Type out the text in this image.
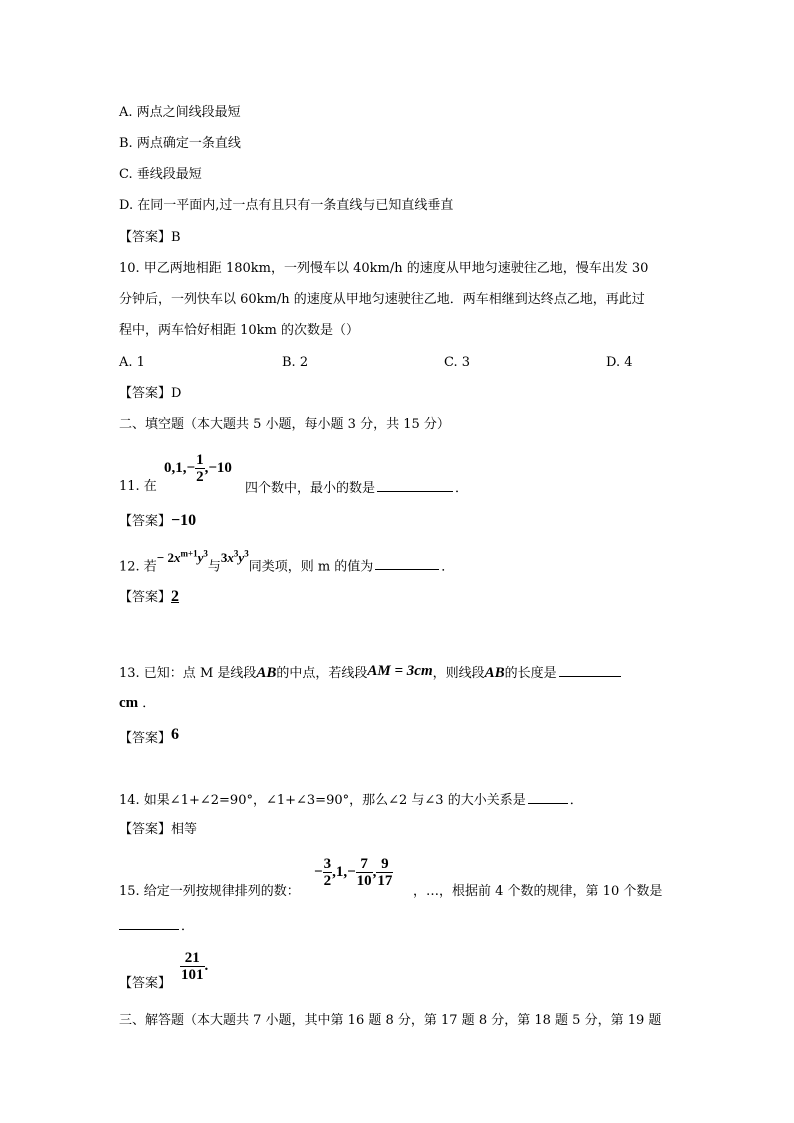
A. 两点之间线段最短
B. 两点确定一条直线
C. 垂线段最短
D. 在同一平面内,过一点有且只有一条直线与已知直线垂直
【答案】B
10. 甲乙两地相距 180km，一列慢车以 40km/h 的速度从甲地匀速驶往乙地，慢车出发 30
分钟后，一列快车以 60km/h 的速度从甲地匀速驶往乙地．两车相继到达终点乙地，再此过
程中，两车恰好相距 10km 的次数是（）
A. 1	B. 2	C. 3	D. 4
【答案】D
二、填空题（本大题共 5 小题，每小题 3 分，共 15 分）
11. 在
$0,1,- \frac{1}{2} ,-10$
四个数中，最小的数是	．
【答案】−10
12. 若− $2x^{m+1}y^3$与$3x^3y^3$同类项，则 m 的值为	．
【答案】2
13. 已知：点 M 是线段AB的中点，若线段AM = 3cm，则线段AB的长度是
cm ．
【答案】6
14. 如果∠1+∠2=90°，∠1+∠3=90°，那么∠2 与∠3 的大小关系是	．
【答案】相等
− $\frac{3}{2} ,1,- \frac{7}{10}$ , $\frac{9}{17}$
15. 给定一列按规律排列的数：	，…，根据前 4 个数的规律，第 10 个数是
．
【答案】
$\frac{21}{101}$ .
三、解答题（本大题共 7 小题，其中第 16 题 8 分，第 17 题 8 分，第 18 题 5 分，第 19 题
